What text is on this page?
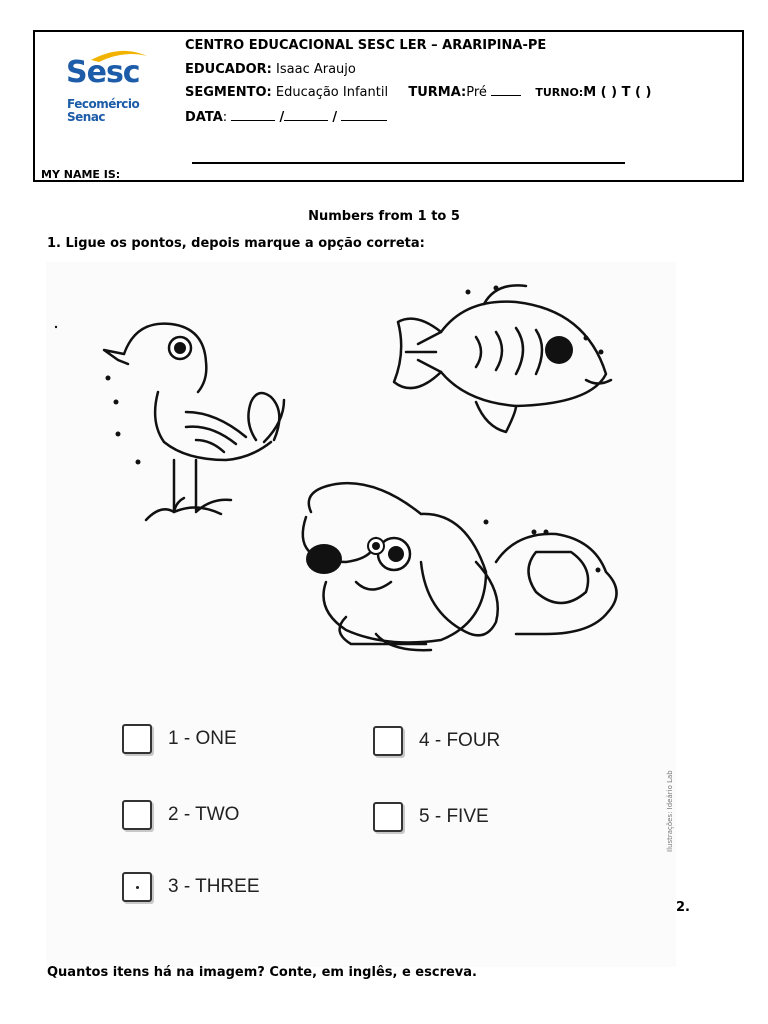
Sesc
Fecomércio
Senac
CENTRO EDUCACIONAL SESC LER – ARARIPINA-PE
EDUCADOR: Isaac Araujo
SEGMENTO: Educação Infantil TURMA:Pré	TURNO:M ( ) T ( )
DATA:	/	/
MY NAME IS:
Numbers from 1 to 5
1. Ligue os pontos, depois marque a opção correta:
Ilustrações: Ideário Lab
1 - ONE
2 - TWO
3 - THREE
4 - FOUR
5 - FIVE
2.
Quantos itens há na imagem? Conte, em inglês, e escreva.
